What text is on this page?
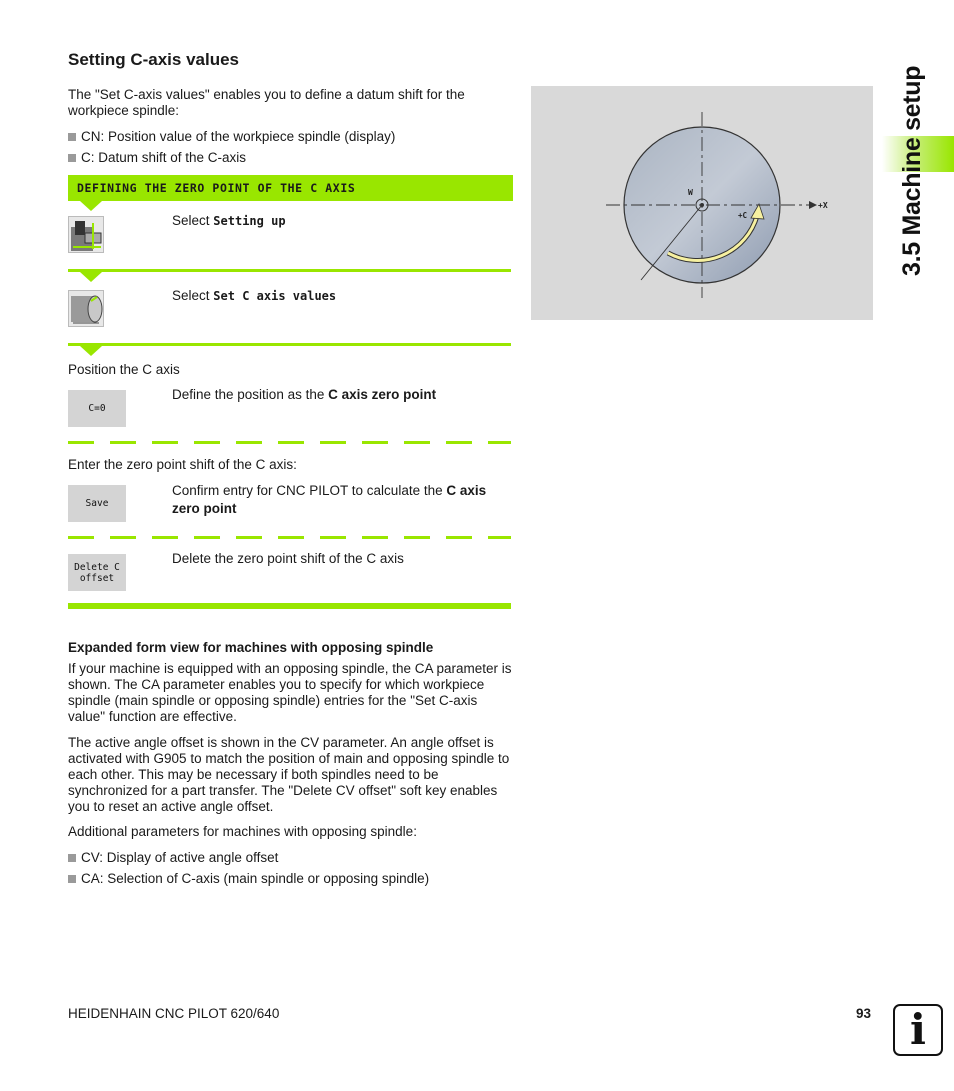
Setting C-axis values

The "Set C-axis values" enables you to define a datum shift for the workpiece spindle:

CN: Position value of the workpiece spindle (display)
C: Datum shift of the C-axis
DEFINING THE ZERO POINT OF THE C AXIS
Select Setting up
Select Set C axis values
Position the C axis
C=0
Define the position as the C axis zero point
Enter the zero point shift of the C axis:
Save
Confirm entry for CNC PILOT to calculate the C axis zero point
Delete C
offset
Delete the zero point shift of the C axis
Expanded form view for machines with opposing spindle

If your machine is equipped with an opposing spindle, the CA parameter is shown. The CA parameter enables you to specify for which workpiece spindle (main spindle or opposing spindle) entries for the "Set C-axis value" function are effective.

The active angle offset is shown in the CV parameter. An angle offset is activated with G905 to match the position of main and opposing spindle to each other. This may be necessary if both spindles need to be synchronized for a part transfer. The "Delete CV offset" soft key enables you to reset an active angle offset.

Additional parameters for machines with opposing spindle:

CV: Display of active angle offset
CA: Selection of C-axis (main spindle or opposing spindle)
W
+X
+C	3.5 Machine setup
HEIDENHAIN CNC PILOT 620/640	93 i
